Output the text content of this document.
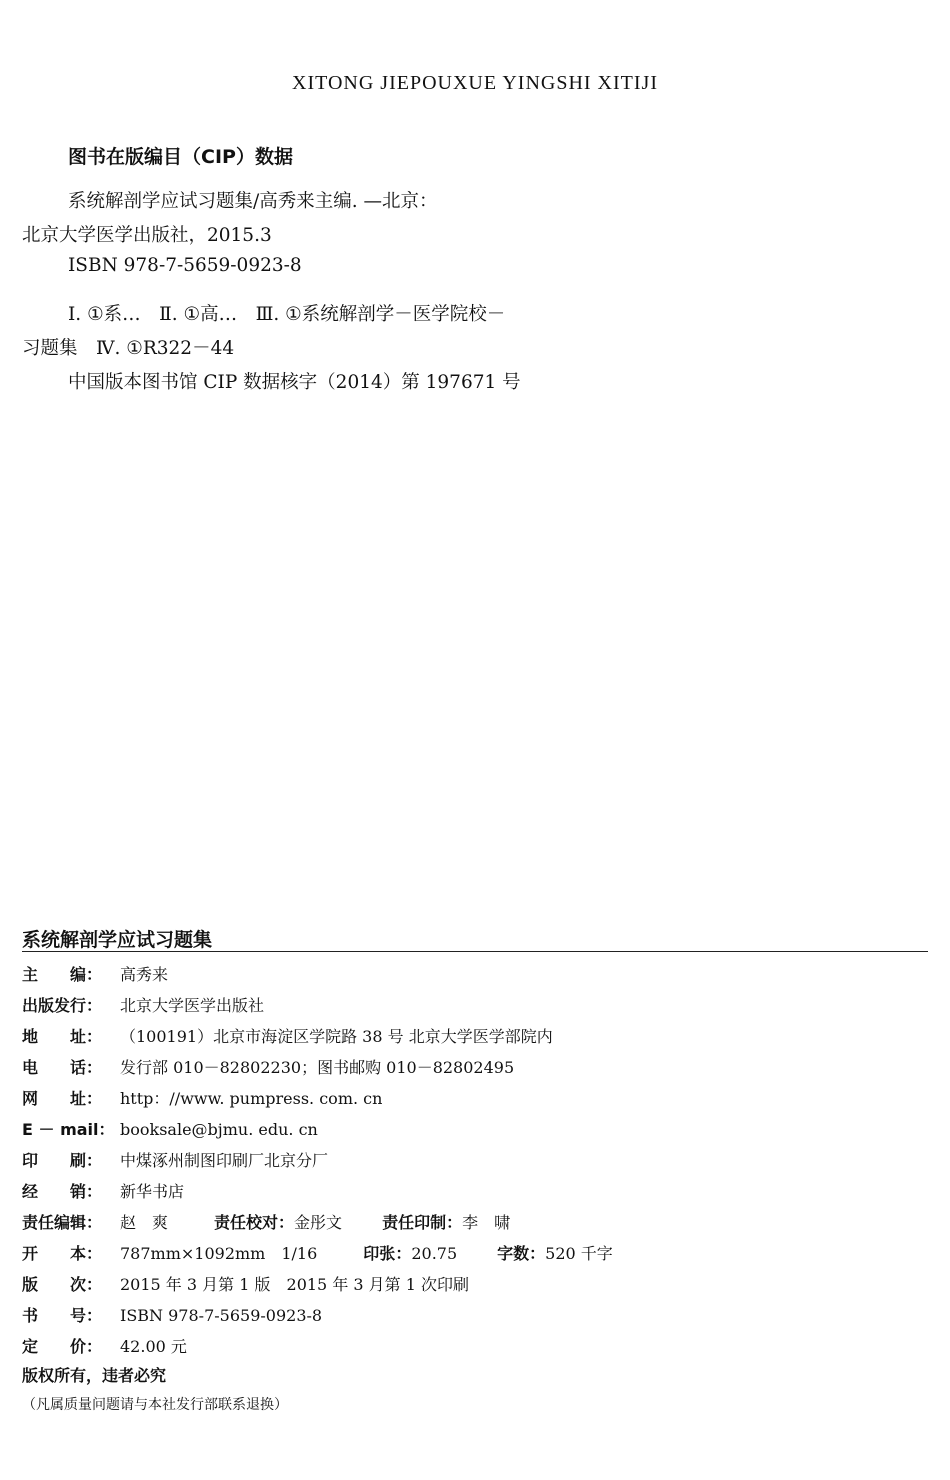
XITONG JIEPOUXUE YINGSHI XITIJI
图书在版编目（CIP）数据
系统解剖学应试习题集/高秀来主编. —北京：
北京大学医学出版社，2015.3
ISBN 978-7-5659-0923-8
Ⅰ. ①系…　Ⅱ. ①高…　Ⅲ. ①系统解剖学－医学院校－
习题集　Ⅳ. ①R322－44
中国版本图书馆 CIP 数据核字（2014）第 197671 号
系统解剖学应试习题集
主　　编： 高秀来
出版发行： 北京大学医学出版社
地　　址： （100191）北京市海淀区学院路 38 号 北京大学医学部院内
电　　话： 发行部 010－82802230；图书邮购 010－82802495
网　　址： http：//www. pumpress. com. cn
E － mail： booksale@bjmu. edu. cn
印　　刷： 中煤涿州制图印刷厂北京分厂
经　　销： 新华书店
责任编辑： 赵　爽	责任校对：金彤文	责任印制：李　啸
开　　本： 787mm×1092mm　1/16	印张：20.75	字数：520 千字
版　　次： 2015 年 3 月第 1 版　2015 年 3 月第 1 次印刷
书　　号： ISBN 978-7-5659-0923-8
定　　价： 42.00 元
版权所有，违者必究
（凡属质量问题请与本社发行部联系退换）
